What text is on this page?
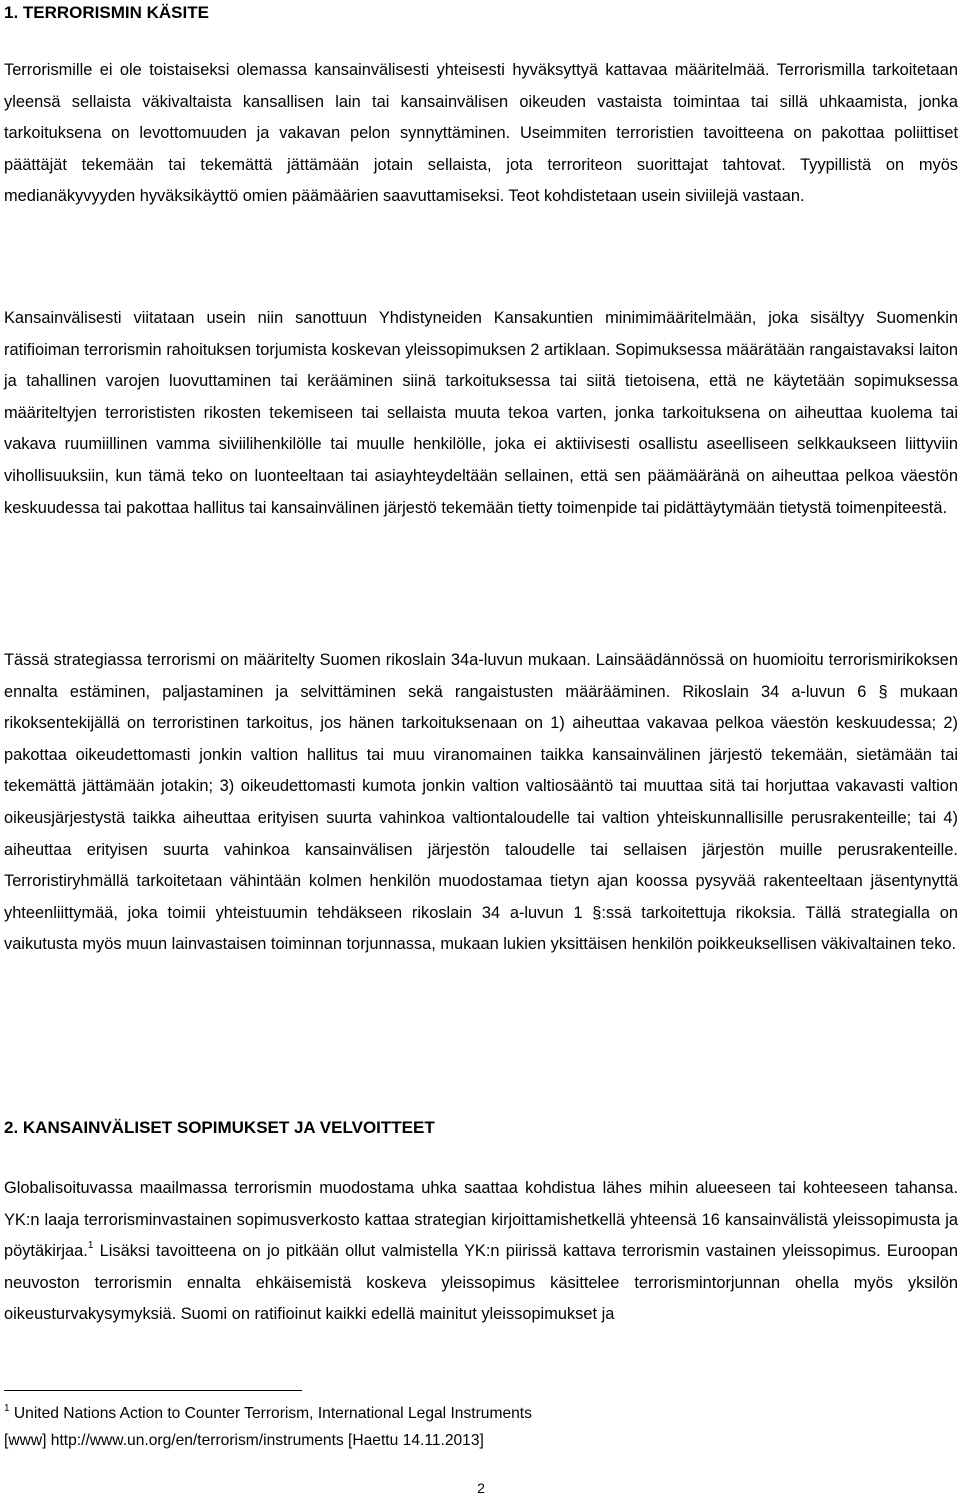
1. TERRORISMIN KÄSITE

Terrorismille ei ole toistaiseksi olemassa kansainvälisesti yhteisesti hyväksyttyä kattavaa määritelmää. Terrorismilla tarkoitetaan yleensä sellaista väkivaltaista kansallisen lain tai kansainvälisen oikeuden vastaista toimintaa tai sillä uhkaamista, jonka tarkoituksena on levottomuuden ja vakavan pelon synnyttäminen. Useimmiten terroristien tavoitteena on pakottaa poliittiset päättäjät tekemään tai tekemättä jättämään jotain sellaista, jota terroriteon suorittajat tahtovat. Tyypillistä on myös medianäkyvyyden hyväksikäyttö omien päämäärien saavuttamiseksi. Teot kohdistetaan usein siviilejä vastaan.

Kansainvälisesti viitataan usein niin sanottuun Yhdistyneiden Kansakuntien minimimääritelmään, joka sisältyy Suomenkin ratifioiman terrorismin rahoituksen torjumista koskevan yleissopimuksen 2 artiklaan. Sopimuksessa määrätään rangaistavaksi laiton ja tahallinen varojen luovuttaminen tai kerääminen siinä tarkoituksessa tai siitä tietoisena, että ne käytetään sopimuksessa määriteltyjen terrorististen rikosten tekemiseen tai sellaista muuta tekoa varten, jonka tarkoituksena on aiheuttaa kuolema tai vakava ruumiillinen vamma siviilihenkilölle tai muulle henkilölle, joka ei aktiivisesti osallistu aseelliseen selkkaukseen liittyviin vihollisuuksiin, kun tämä teko on luonteeltaan tai asiayhteydeltään sellainen, että sen päämääränä on aiheuttaa pelkoa väestön keskuudessa tai pakottaa hallitus tai kansainvälinen järjestö tekemään tietty toimenpide tai pidättäytymään tietystä toimenpiteestä.

Tässä strategiassa terrorismi on määritelty Suomen rikoslain 34a-luvun mukaan. Lainsäädännössä on huomioitu terrorismirikoksen ennalta estäminen, paljastaminen ja selvittäminen sekä rangaistusten määrääminen. Rikoslain 34 a-luvun 6 § mukaan rikoksentekijällä on terroristinen tarkoitus, jos hänen tarkoituksenaan on 1) aiheuttaa vakavaa pelkoa väestön keskuudessa; 2) pakottaa oikeudettomasti jonkin valtion hallitus tai muu viranomainen taikka kansainvälinen järjestö tekemään, sietämään tai tekemättä jättämään jotakin; 3) oikeudettomasti kumota jonkin valtion valtiosääntö tai muuttaa sitä tai horjuttaa vakavasti valtion oikeusjärjestystä taikka aiheuttaa erityisen suurta vahinkoa valtiontaloudelle tai valtion yhteiskunnallisille perusrakenteille; tai 4) aiheuttaa erityisen suurta vahinkoa kansainvälisen järjestön taloudelle tai sellaisen järjestön muille perusrakenteille. Terroristiryhmällä tarkoitetaan vähintään kolmen henkilön muodostamaa tietyn ajan koossa pysyvää rakenteeltaan jäsentynyttä yhteenliittymää, joka toimii yhteistuumin tehdäkseen rikoslain 34 a-luvun 1 §:ssä tarkoitettuja rikoksia. Tällä strategialla on vaikutusta myös muun lainvastaisen toiminnan torjunnassa, mukaan lukien yksittäisen henkilön poikkeuksellisen väkivaltainen teko.

2. KANSAINVÄLISET SOPIMUKSET JA VELVOITTEET

Globalisoituvassa maailmassa terrorismin muodostama uhka saattaa kohdistua lähes mihin alueeseen tai kohteeseen tahansa. YK:n laaja terrorisminvastainen sopimusverkosto kattaa strategian kirjoittamishetkellä yhteensä 16 kansainvälistä yleissopimusta ja pöytäkirjaa.$^1$ Lisäksi tavoitteena on jo pitkään ollut valmistella YK:n piirissä kattava terrorismin vastainen yleissopimus. Euroopan neuvoston terrorismin ennalta ehkäisemistä koskeva yleissopimus käsittelee terrorismintorjunnan ohella myös yksilön oikeusturvakysymyksiä. Suomi on ratifioinut kaikki edellä mainitut yleissopimukset ja

$^1$ United Nations Action to Counter Terrorism, International Legal Instruments
[www] http://www.un.org/en/terrorism/instruments [Haettu 14.11.2013]
2
